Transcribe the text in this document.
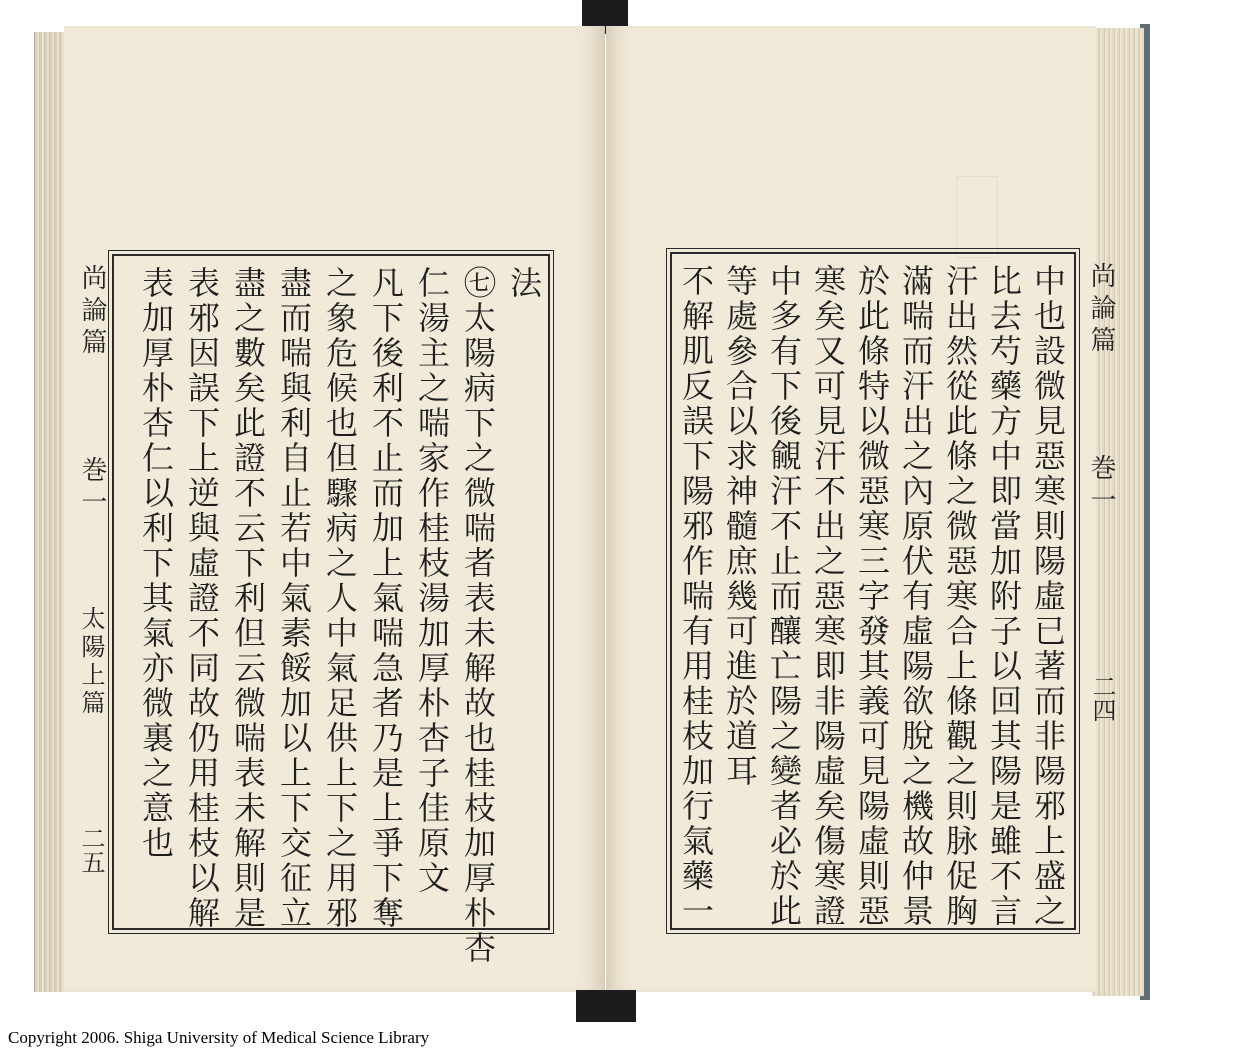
尚論篇
巻一
太陽上篇
二五
法
㊆太陽病下之微喘者表未解故也桂枝加厚朴杏
仁湯主之喘家作桂枝湯加厚朴杏子佳原文
凡下後利不止而加上氣喘急者乃是上爭下奪
之象危候也但驟病之人中氣足供上下之用邪
盡而喘與利自止若中氣素餒加以上下交征立
盡之數矣此證不云下利但云微喘表未解則是
表邪因誤下上逆與虛證不同故仍用桂枝以解
表加厚朴杏仁以利下其氣亦微裏之意也	尚論篇
巻一
二四
中也設微見惡寒則陽虛已著而非陽邪上盛之
比去芍藥方中即當加附子以回其陽是雖不言
汗出然從此條之微惡寒合上條觀之則脉促胸
滿喘而汗出之內原伏有虛陽欲脫之機故仲景
於此條特以微惡寒三字發其義可見陽虛則惡
寒矣又可見汗不出之惡寒即非陽虛矣傷寒證
中多有下後覦汗不止而釀亡陽之變者必於此
等處參合以求神髓庶幾可進於道耳
不解肌反誤下陽邪作喘有用桂枝加行氣藥一
Copyright 2006. Shiga University of Medical Science Library
